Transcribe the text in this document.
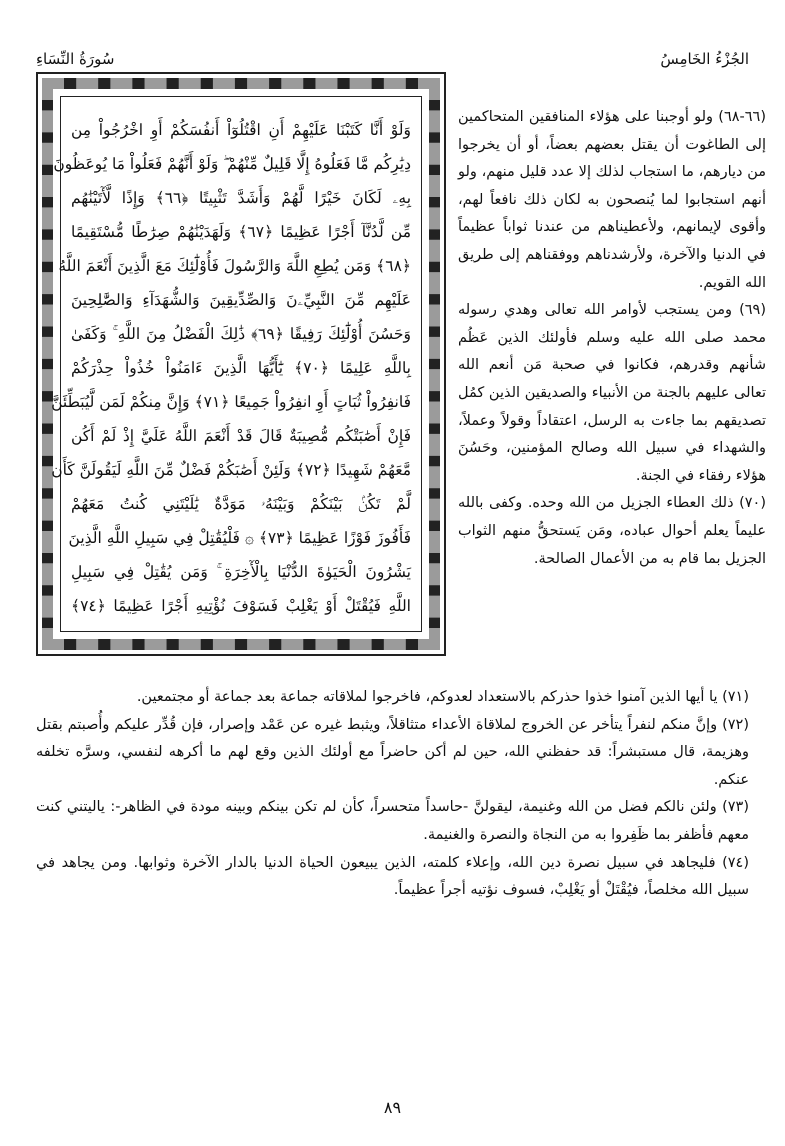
الجُزْءُ الخَامِسُ
سُورَةُ النِّسَاءِ
وَلَوْ أَنَّا كَتَبْنَا عَلَيْهِمْ أَنِ اقْتُلُوٓاْ أَنفُسَكُمْ أَوِ اخْرُجُواْ مِن
دِيَٰرِكُم مَّا فَعَلُوهُ إِلَّا قَلِيلٌ مِّنْهُمْ ۖ وَلَوْ أَنَّهُمْ فَعَلُواْ مَا يُوعَظُونَ
بِهِۦ لَكَانَ خَيْرًا لَّهُمْ وَأَشَدَّ تَثْبِيتًا ﴿٦٦﴾ وَإِذًا لَّأٓتَيْنَٰهُم
مِّن لَّدُنَّآ أَجْرًا عَظِيمًا ﴿٦٧﴾ وَلَهَدَيْنَٰهُمْ صِرَٰطًا مُّسْتَقِيمًا
﴿٦٨﴾ وَمَن يُطِعِ اللَّهَ وَالرَّسُولَ فَأُوْلَٰٓئِكَ مَعَ الَّذِينَ أَنْعَمَ اللَّهُ
عَلَيْهِم مِّنَ النَّبِيِّۦنَ وَالصِّدِّيقِينَ وَالشُّهَدَآءِ وَالصَّٰلِحِينَ
وَحَسُنَ أُوْلَٰٓئِكَ رَفِيقًا ﴿٦٩﴾ ذَٰلِكَ الْفَضْلُ مِنَ اللَّهِ ۚ وَكَفَىٰ
بِاللَّهِ عَلِيمًا ﴿٧٠﴾ يَٰٓأَيُّهَا الَّذِينَ ءَامَنُواْ خُذُواْ حِذْرَكُمْ
فَانفِرُواْ ثُبَاتٍ أَوِ انفِرُواْ جَمِيعًا ﴿٧١﴾ وَإِنَّ مِنكُمْ لَمَن لَّيُبَطِّئَنَّ
فَإِنْ أَصَٰبَتْكُم مُّصِيبَةٌ قَالَ قَدْ أَنْعَمَ اللَّهُ عَلَيَّ إِذْ لَمْ أَكُن
مَّعَهُمْ شَهِيدًا ﴿٧٢﴾ وَلَئِنْ أَصَٰبَكُمْ فَضْلٌ مِّنَ اللَّهِ لَيَقُولَنَّ كَأَن
لَّمْ تَكُنۢ بَيْنَكُمْ وَبَيْنَهُۥ مَوَدَّةٌ يَٰلَيْتَنِي كُنتُ مَعَهُمْ
فَأَفُوزَ فَوْزًا عَظِيمًا ﴿٧٣﴾ ۞ فَلْيُقَٰتِلْ فِي سَبِيلِ اللَّهِ الَّذِينَ
يَشْرُونَ الْحَيَوٰةَ الدُّنْيَا بِالْأٓخِرَةِ ۚ وَمَن يُقَٰتِلْ فِي سَبِيلِ
اللَّهِ فَيُقْتَلْ أَوْ يَغْلِبْ فَسَوْفَ نُؤْتِيهِ أَجْرًا عَظِيمًا ﴿٧٤﴾

(٦٦-٦٨) ولو أوجبنا على هؤلاء المنافقين المتحاكمين إلى الطاغوت أن يقتل بعضهم بعضاً، أو أن يخرجوا من ديارهم، ما استجاب لذلك إلا عدد قليل منهم، ولو أنهم استجابوا لما يُنصحون به لكان ذلك نافعاً لهم، وأقوى لإيمانهم، ولأعطيناهم من عندنا ثواباً عظيماً في الدنيا والآخرة، ولأرشدناهم ووفقناهم إلى طريق الله القويم.

(٦٩) ومن يستجب لأوامر الله تعالى وهدي رسوله محمد صلى الله عليه وسلم فأولئك الذين عَظُم شأنهم وقدرهم، فكانوا في صحبة مَن أنعم الله تعالى عليهم بالجنة من الأنبياء والصديقين الذين كمُل تصديقهم بما جاءت به الرسل، اعتقاداً وقولاً وعملاً، والشهداء في سبيل الله وصالح المؤمنين، وحَسُنَ هؤلاء رفقاء في الجنة.

(٧٠) ذلك العطاء الجزيل من الله وحده. وكفى بالله عليماً يعلم أحوال عباده، ومَن يَستحقُّ منهم الثواب الجزيل بما قام به من الأعمال الصالحة.

(٧١) يا أيها الذين آمنوا خذوا حذركم بالاستعداد لعدوكم، فاخرجوا لملاقاته جماعة بعد جماعة أو مجتمعين.

(٧٢) وإنَّ منكم لنفراً يتأخر عن الخروج لملاقاة الأعداء متثاقلاً، ويثبط غيره عن عَمْد وإصرار، فإن قُدِّر عليكم وأُصبتم بقتل وهزيمة، قال مستبشراً: قد حفظني الله، حين لم أكن حاضراً مع أولئك الذين وقع لهم ما أكرهه لنفسي، وسرَّه تخلفه عنكم.

(٧٣) ولئن نالكم فضل من الله وغنيمة، ليقولنَّ -حاسداً متحسراً، كأن لم تكن بينكم وبينه مودة في الظاهر-: ياليتني كنت معهم فأظفر بما ظَفِروا به من النجاة والنصرة والغنيمة.

(٧٤) فليجاهد في سبيل نصرة دين الله، وإعلاء كلمته، الذين يبيعون الحياة الدنيا بالدار الآخرة وثوابها. ومن يجاهد في سبيل الله مخلصاً، فيُقْتَلْ أو يَغْلِبْ، فسوف نؤتيه أجراً عظيماً.

٨٩
